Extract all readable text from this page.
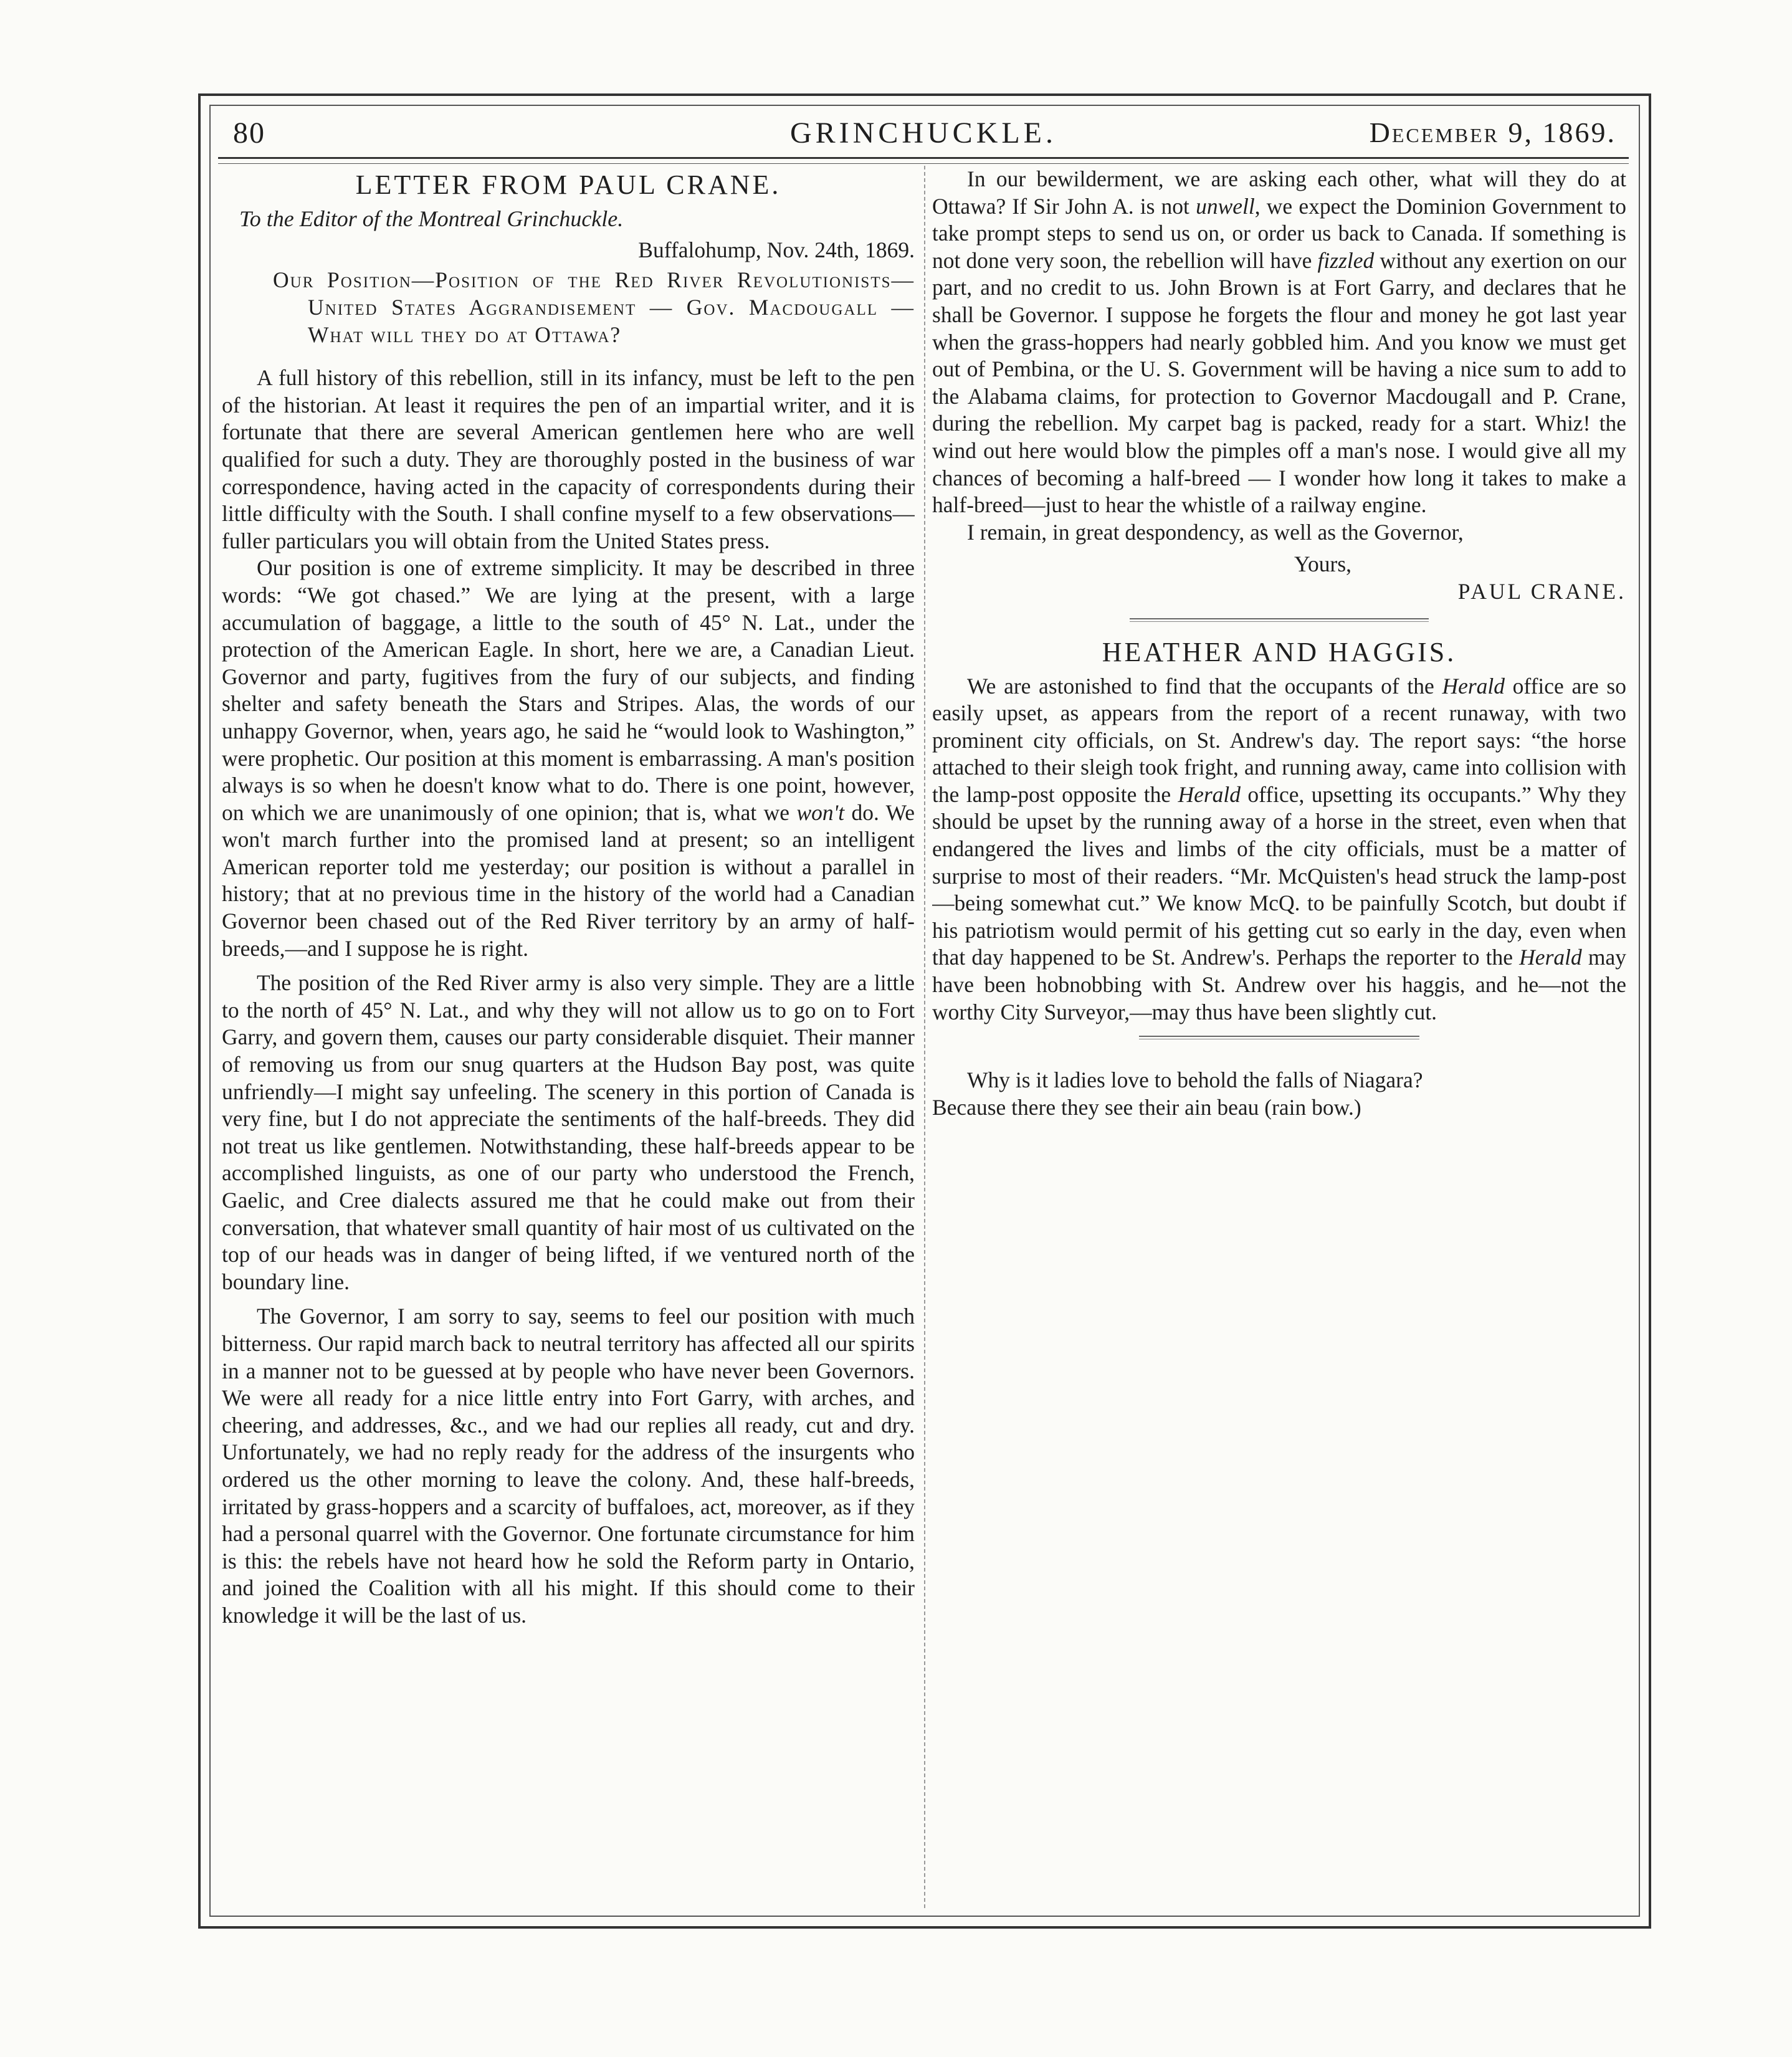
80	GRINCHUCKLE.	December 9, 1869.
LETTER FROM PAUL CRANE.

To the Editor of the Montreal Grinchuckle.

Buffalohump, Nov. 24th, 1869.

Our Position—Position of the Red River Revolutionists—United States Aggrandisement — Gov. Macdougall — What will they do at Ottawa?

A full history of this rebellion, still in its infancy, must be left to the pen of the historian. At least it requires the pen of an impartial writer, and it is fortunate that there are several American gentlemen here who are well qualified for such a duty. They are thoroughly posted in the business of war correspondence, having acted in the capacity of correspondents during their little difficulty with the South. I shall confine myself to a few observations—fuller particulars you will obtain from the United States press.

Our position is one of extreme simplicity. It may be described in three words: “We got chased.” We are lying at the present, with a large accumulation of baggage, a little to the south of 45° N. Lat., under the protection of the American Eagle. In short, here we are, a Canadian Lieut. Governor and party, fugitives from the fury of our subjects, and finding shelter and safety beneath the Stars and Stripes. Alas, the words of our unhappy Governor, when, years ago, he said he “would look to Washington,” were prophetic. Our position at this moment is embarrassing. A man's position always is so when he doesn't know what to do. There is one point, however, on which we are unanimously of one opinion; that is, what we won't do. We won't march further into the promised land at present; so an intelligent American reporter told me yesterday; our position is without a parallel in history; that at no previous time in the history of the world had a Canadian Governor been chased out of the Red River territory by an army of half-breeds,—and I suppose he is right.

The position of the Red River army is also very simple. They are a little to the north of 45° N. Lat., and why they will not allow us to go on to Fort Garry, and govern them, causes our party considerable disquiet. Their manner of removing us from our snug quarters at the Hudson Bay post, was quite unfriendly—I might say unfeeling. The scenery in this portion of Canada is very fine, but I do not appreciate the sentiments of the half-breeds. They did not treat us like gentlemen. Notwithstanding, these half-breeds appear to be accomplished linguists, as one of our party who understood the French, Gaelic, and Cree dialects assured me that he could make out from their conversation, that whatever small quantity of hair most of us cultivated on the top of our heads was in danger of being lifted, if we ventured north of the boundary line.

The Governor, I am sorry to say, seems to feel our position with much bitterness. Our rapid march back to neutral territory has affected all our spirits in a manner not to be guessed at by people who have never been Governors. We were all ready for a nice little entry into Fort Garry, with arches, and cheering, and addresses, &c., and we had our replies all ready, cut and dry. Unfortunately, we had no reply ready for the address of the insurgents who ordered us the other morning to leave the colony. And, these half-breeds, irritated by grass-hoppers and a scarcity of buffaloes, act, moreover, as if they had a personal quarrel with the Governor. One fortunate circumstance for him is this: the rebels have not heard how he sold the Reform party in Ontario, and joined the Coalition with all his might. If this should come to their knowledge it will be the last of us.

In our bewilderment, we are asking each other, what will they do at Ottawa? If Sir John A. is not unwell, we expect the Dominion Government to take prompt steps to send us on, or order us back to Canada. If something is not done very soon, the rebellion will have fizzled without any exertion on our part, and no credit to us. John Brown is at Fort Garry, and declares that he shall be Governor. I suppose he forgets the flour and money he got last year when the grass-hoppers had nearly gobbled him. And you know we must get out of Pembina, or the U. S. Government will be having a nice sum to add to the Alabama claims, for protection to Governor Macdougall and P. Crane, during the rebellion. My carpet bag is packed, ready for a start. Whiz! the wind out here would blow the pimples off a man's nose. I would give all my chances of becoming a half-breed — I wonder how long it takes to make a half-breed—just to hear the whistle of a railway engine.

I remain, in great despondency, as well as the Governor,

Yours,

PAUL CRANE.

HEATHER AND HAGGIS.

We are astonished to find that the occupants of the Herald office are so easily upset, as appears from the report of a recent runaway, with two prominent city officials, on St. Andrew's day. The report says: “the horse attached to their sleigh took fright, and running away, came into collision with the lamp-post opposite the Herald office, upsetting its occupants.” Why they should be upset by the running away of a horse in the street, even when that endangered the lives and limbs of the city officials, must be a matter of surprise to most of their readers. “Mr. McQuisten's head struck the lamp-post—being somewhat cut.” We know McQ. to be painfully Scotch, but doubt if his patriotism would permit of his getting cut so early in the day, even when that day happened to be St. Andrew's. Perhaps the reporter to the Herald may have been hobnobbing with St. Andrew over his haggis, and he—not the worthy City Surveyor,—may thus have been slightly cut.

Why is it ladies love to behold the falls of Niagara?

Because there they see their ain beau (rain bow.)
